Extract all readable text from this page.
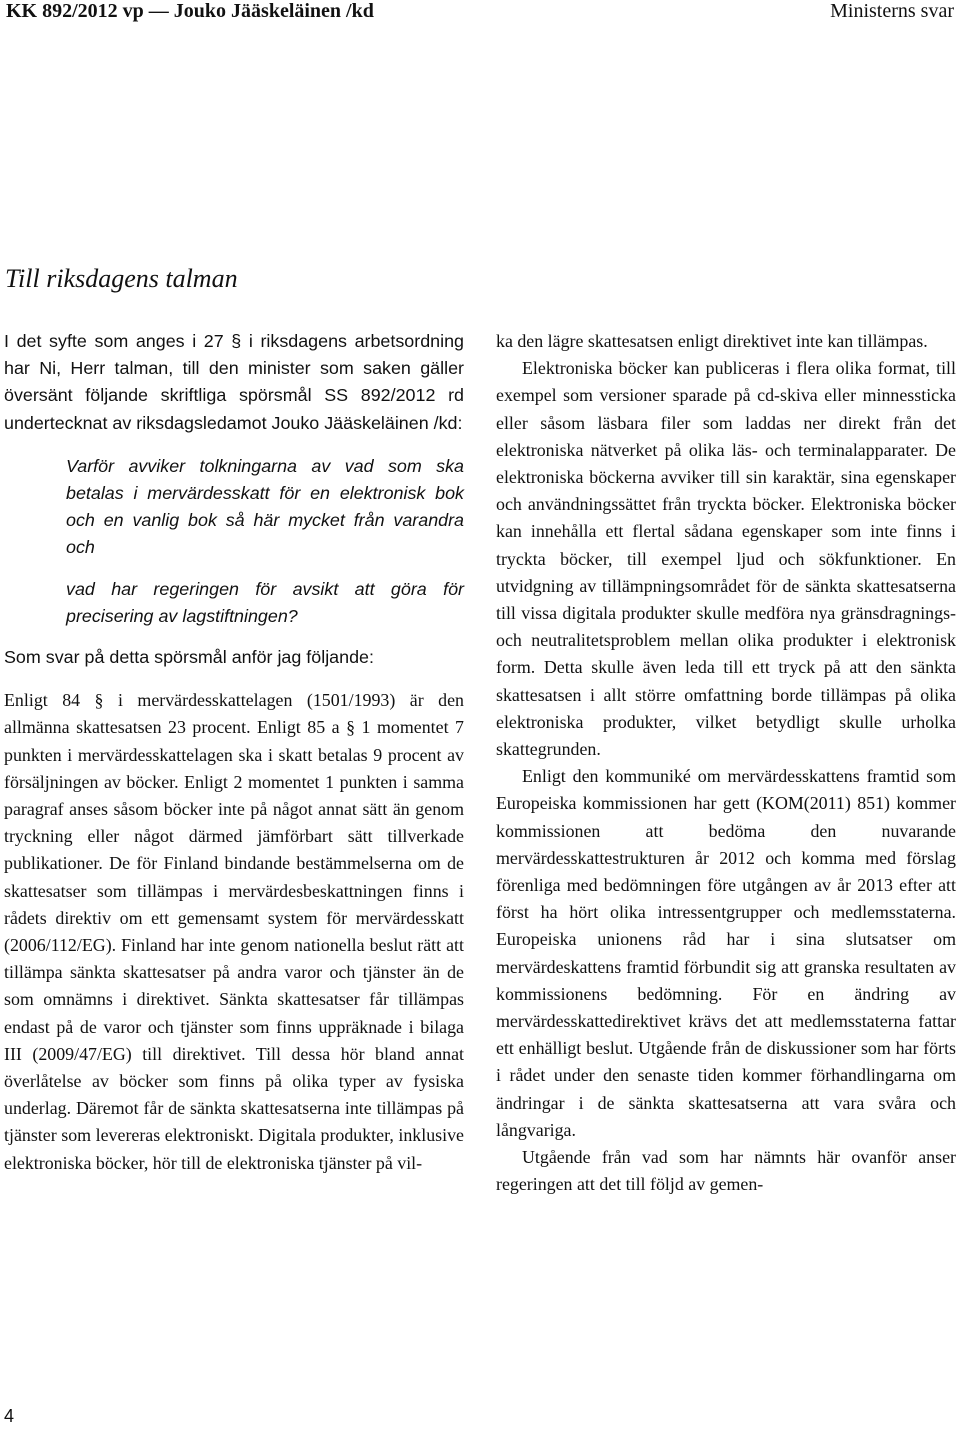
KK 892/2012 vp — Jouko Jääskeläinen /kd	Ministerns svar
Till riksdagens talman

I det syfte som anges i 27 § i riksdagens arbetsordning har Ni, Herr talman, till den minister som saken gäller översänt följande skriftliga spörsmål SS 892/2012 rd undertecknat av riksdagsledamot Jouko Jääskeläinen /kd:

Varför avviker tolkningarna av vad som ska betalas i mervärdesskatt för en elektronisk bok och en vanlig bok så här mycket från varandra och

vad har regeringen för avsikt att göra för precisering av lagstiftningen?

Som svar på detta spörsmål anför jag följande:

Enligt 84 § i mervärdesskattelagen (1501/1993) är den allmänna skattesatsen 23 procent. Enligt 85 a § 1 momentet 7 punkten i mervärdesskattelagen ska i skatt betalas 9 procent av försäljningen av böcker. Enligt 2 momentet 1 punkten i samma paragraf anses såsom böcker inte på något annat sätt än genom tryckning eller något därmed jämförbart sätt tillverkade publikationer. De för Finland bindande bestämmelserna om de skattesatser som tillämpas i mervärdesbeskattningen finns i rådets direktiv om ett gemensamt system för mervärdesskatt (2006/112/EG). Finland har inte genom nationella beslut rätt att tillämpa sänkta skattesatser på andra varor och tjänster än de som omnämns i direktivet. Sänkta skattesatser får tillämpas endast på de varor och tjänster som finns uppräknade i bilaga III (2009/47/EG) till direktivet. Till dessa hör bland annat överlåtelse av böcker som finns på olika typer av fysiska underlag. Däremot får de sänkta skattesatserna inte tillämpas på tjänster som levereras elektroniskt. Digitala produkter, inklusive elektroniska böcker, hör till de elektroniska tjänster på vil-

ka den lägre skattesatsen enligt direktivet inte kan tillämpas.

Elektroniska böcker kan publiceras i flera olika format, till exempel som versioner sparade på cd-skiva eller minnessticka eller såsom läsbara filer som laddas ner direkt från det elektroniska nätverket på olika läs- och terminalapparater. De elektroniska böckerna avviker till sin karaktär, sina egenskaper och användningssättet från tryckta böcker. Elektroniska böcker kan innehålla ett flertal sådana egenskaper som inte finns i tryckta böcker, till exempel ljud och sökfunktioner. En utvidgning av tillämpningsområdet för de sänkta skattesatserna till vissa digitala produkter skulle medföra nya gränsdragnings- och neutralitetsproblem mellan olika produkter i elektronisk form. Detta skulle även leda till ett tryck på att den sänkta skattesatsen i allt större omfattning borde tillämpas på olika elektroniska produkter, vilket betydligt skulle urholka skattegrunden.

Enligt den kommuniké om mervärdesskattens framtid som Europeiska kommissionen har gett (KOM(2011) 851) kommer kommissionen att bedöma den nuvarande mervärdesskattestrukturen år 2012 och komma med förslag förenliga med bedömningen före utgången av år 2013 efter att först ha hört olika intressentgrupper och medlemsstaterna. Europeiska unionens råd har i sina slutsatser om mervärdeskattens framtid förbundit sig att granska resultaten av kommissionens bedömning. För en ändring av mervärdesskattedirektivet krävs det att medlemsstaterna fattar ett enhälligt beslut. Utgående från de diskussioner som har förts i rådet under den senaste tiden kommer förhandlingarna om ändringar i de sänkta skattesatserna att vara svåra och långvariga.

Utgående från vad som har nämnts här ovanför anser regeringen att det till följd av gemen-

4
